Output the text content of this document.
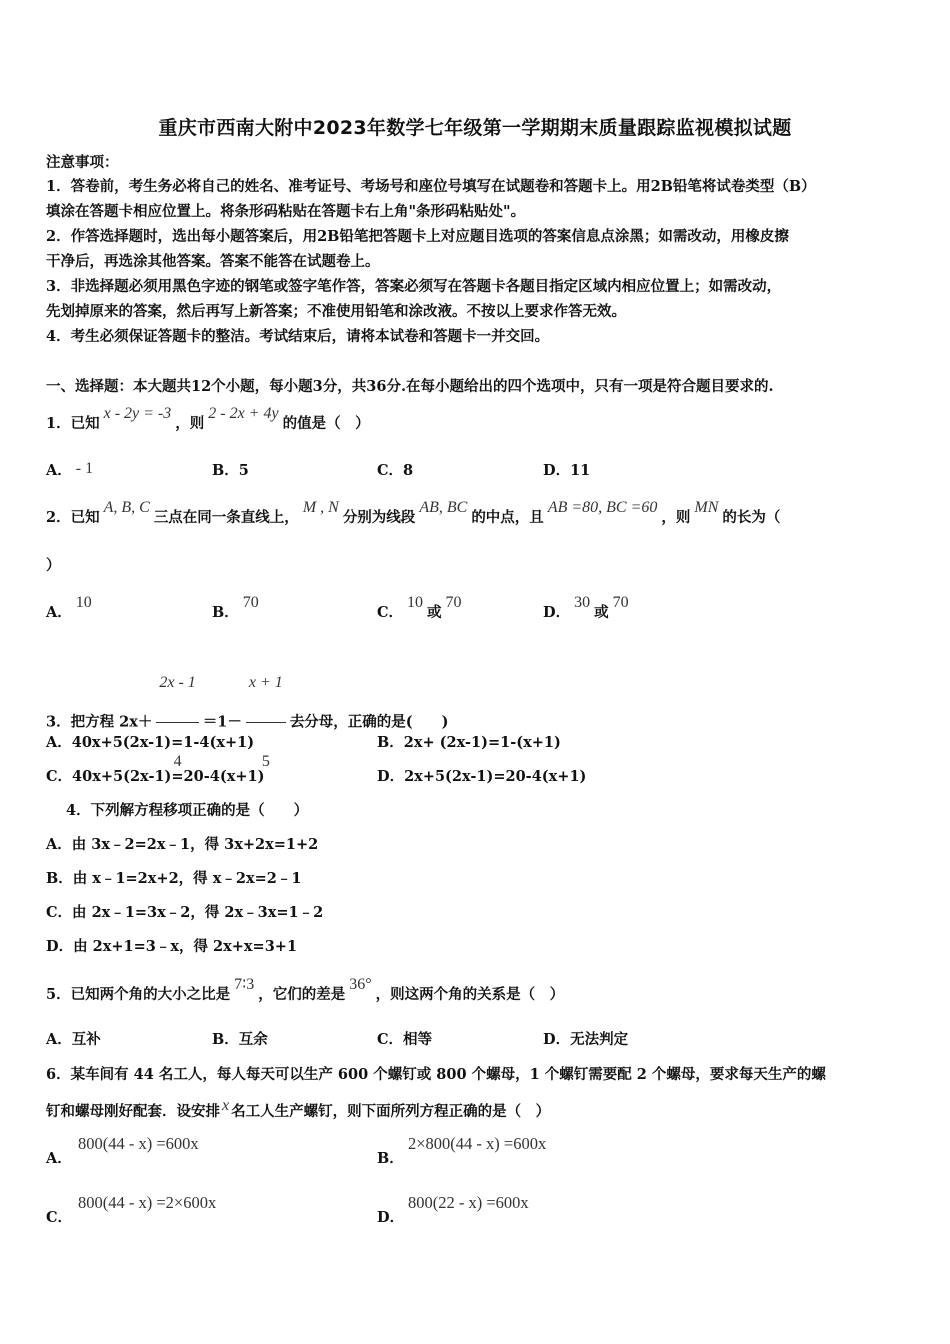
重庆市西南大附中2023年数学七年级第一学期期末质量跟踪监视模拟试题
注意事项：
1．答卷前，考生务必将自己的姓名、准考证号、考场号和座位号填写在试题卷和答题卡上。用2B铅笔将试卷类型（B）
填涂在答题卡相应位置上。将条形码粘贴在答题卡右上角"条形码粘贴处"。
2．作答选择题时，选出每小题答案后，用2B铅笔把答题卡上对应题目选项的答案信息点涂黑；如需改动，用橡皮擦
干净后，再选涂其他答案。答案不能答在试题卷上。
3．非选择题必须用黑色字迹的钢笔或签字笔作答，答案必须写在答题卡各题目指定区域内相应位置上；如需改动，
先划掉原来的答案，然后再写上新答案；不准使用铅笔和涂改液。不按以上要求作答无效。
4．考生必须保证答题卡的整洁。考试结束后，请将本试卷和答题卡一并交回。
一、选择题：本大题共12个小题，每小题3分，共36分.在每小题给出的四个选项中，只有一项是符合题目要求的.
1．已知x - 2y = -3，则2 - 2x + 4y的值是（　）
A． - 1	B．5	C．8	D．11
2．已知A, B, C三点在同一条直线上，M , N分别为线段AB, BC的中点，且AB =80, BC =60，则MN的长为（
）
A．10
B．70
C．10或70
D．30或70
3．把方程 $2x+ \frac{2x - 1}{4} =1- \frac{x + 1}{5}$ 去分母，正确的是(　　)
A．40x+5(2x-1)=1-4(x+1)	B．2x+ (2x-1)=1-(x+1)
C．40x+5(2x-1)=20-4(x+1)	D．2x+5(2x-1)=20-4(x+1)
4．下列解方程移项正确的是（　　）
A．由 3x﹣2=2x﹣1，得 3x+2x=1+2
B．由 x﹣1=2x+2，得 x﹣2x=2﹣1
C．由 2x﹣1=3x﹣2，得 2x﹣3x=1﹣2
D．由 2x+1=3﹣x，得 2x+x=3+1
5．已知两个角的大小之比是7∶3，它们的差是36°，则这两个角的关系是（　）
A．互补	B．互余	C．相等	D．无法判定
6．某车间有 44 名工人，每人每天可以生产 600 个螺钉或 800 个螺母，1 个螺钉需要配 2 个螺母，要求每天生产的螺
钉和螺母刚好配套．设安排 x 名工人生产螺钉，则下面所列方程正确的是（　）
A．
800(44 - x) =600x
B．
2×800(44 - x) =600x
C．
800(44 - x) =2×600x
D．
800(22 - x) =600x
